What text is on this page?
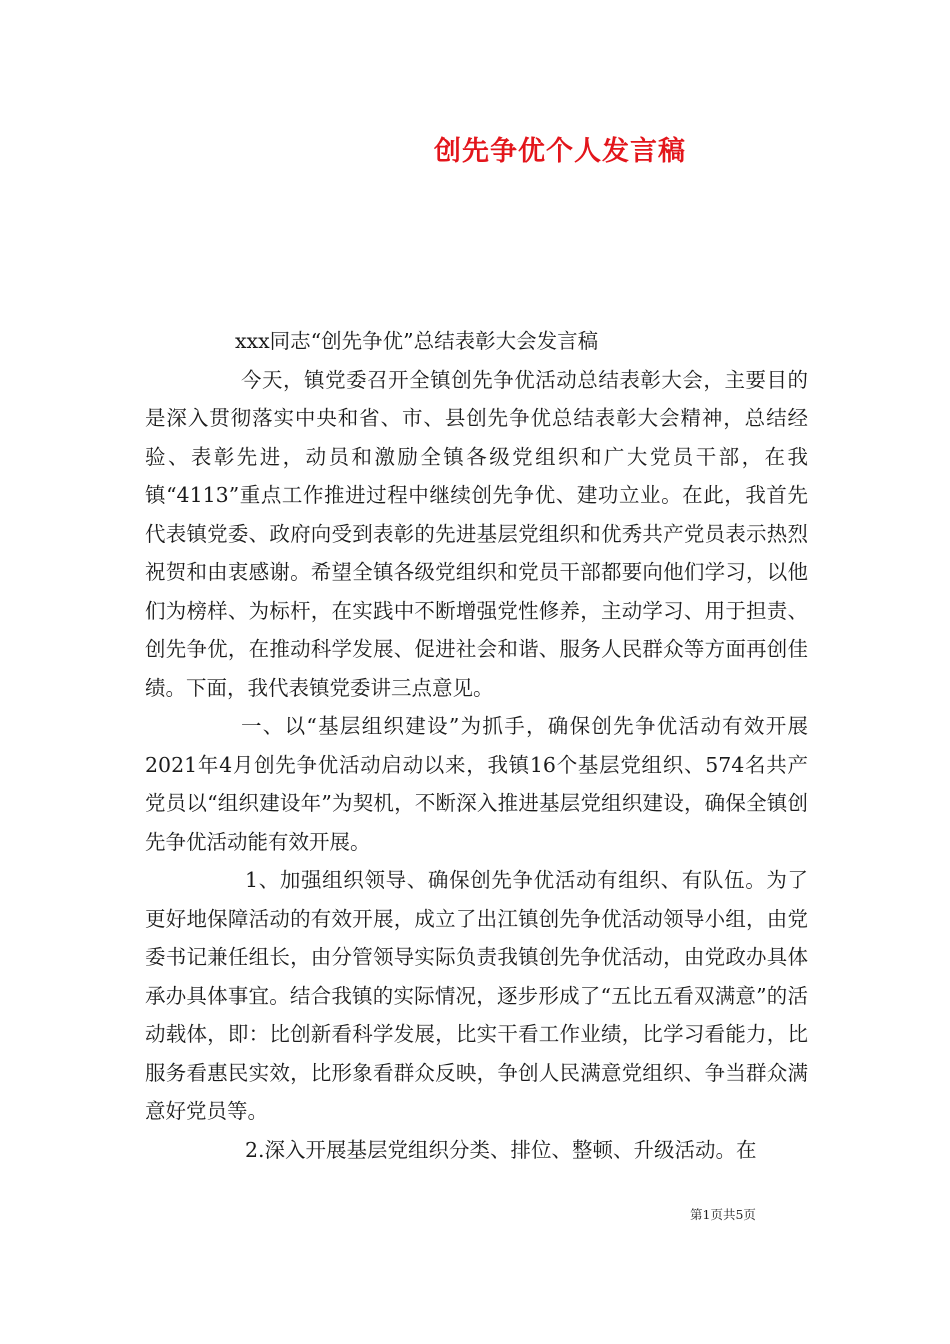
创先争优个人发言稿

xxx同志“创先争优”总结表彰大会发言稿

今天，镇党委召开全镇创先争优活动总结表彰大会，主要目的是深入贯彻落实中央和省、市、县创先争优总结表彰大会精神，总结经验、表彰先进，动员和激励全镇各级党组织和广大党员干部，在我镇“4113”重点工作推进过程中继续创先争优、建功立业。在此，我首先代表镇党委、政府向受到表彰的先进基层党组织和优秀共产党员表示热烈祝贺和由衷感谢。希望全镇各级党组织和党员干部都要向他们学习，以他们为榜样、为标杆，在实践中不断增强党性修养，主动学习、用于担责、创先争优，在推动科学发展、促进社会和谐、服务人民群众等方面再创佳绩。下面，我代表镇党委讲三点意见。

一、以“基层组织建设”为抓手，确保创先争优活动有效开展2021年4月创先争优活动启动以来，我镇16个基层党组织、574名共产党员以“组织建设年”为契机，不断深入推进基层党组织建设，确保全镇创先争优活动能有效开展。

1、加强组织领导、确保创先争优活动有组织、有队伍。为了更好地保障活动的有效开展，成立了出江镇创先争优活动领导小组，由党委书记兼任组长，由分管领导实际负责我镇创先争优活动，由党政办具体承办具体事宜。结合我镇的实际情况，逐步形成了“五比五看双满意”的活动载体，即：比创新看科学发展，比实干看工作业绩，比学习看能力，比服务看惠民实效，比形象看群众反映，争创人民满意党组织、争当群众满意好党员等。

2.深入开展基层党组织分类、排位、整顿、升级活动。在

第1页共5页
